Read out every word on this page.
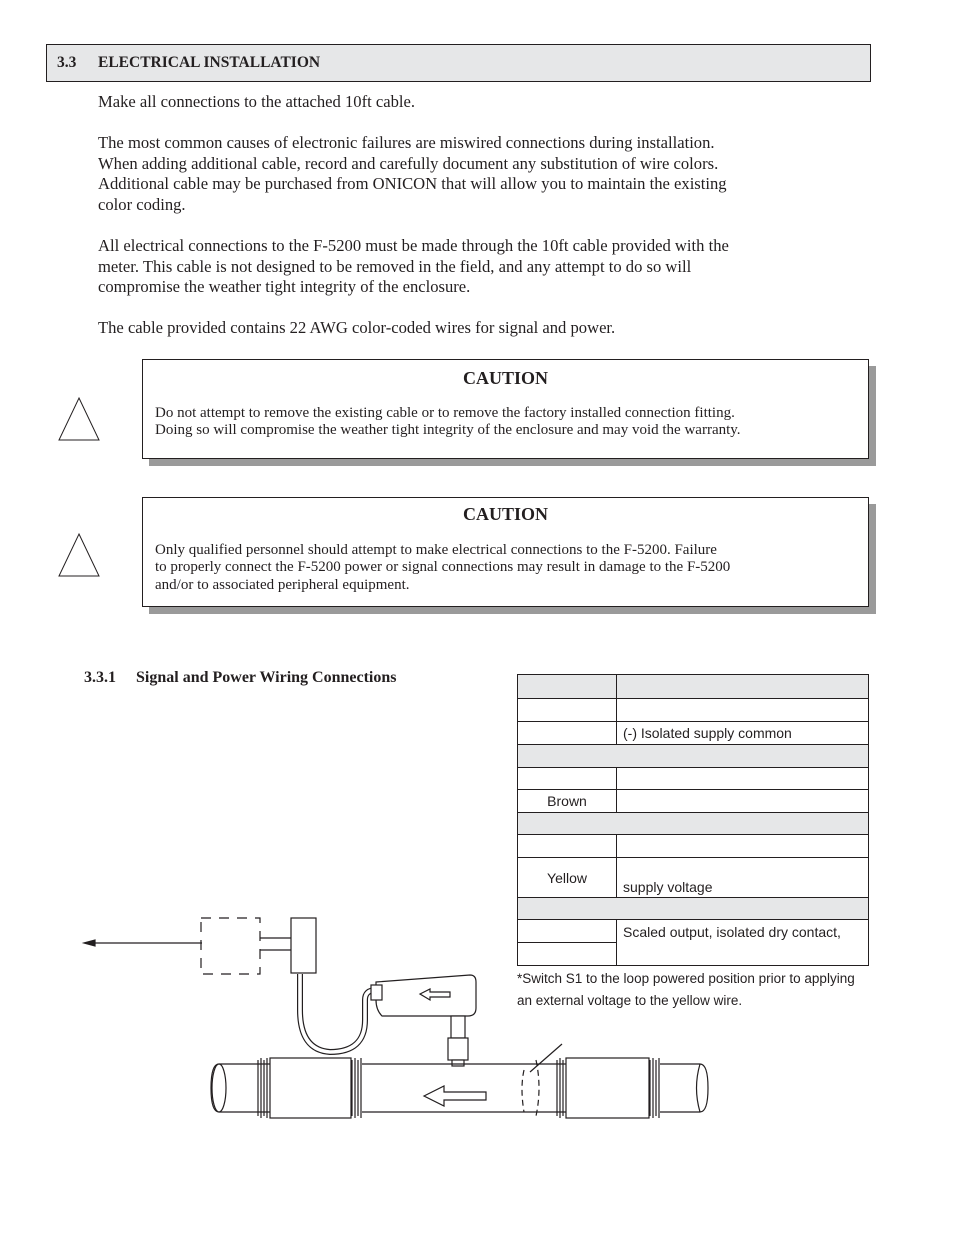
3.3 ELECTRICAL INSTALLATION

Make all connections to the attached 10ft cable.

The most common causes of electronic failures are miswired connections during installation.
When adding additional cable, record and carefully document any substitution of wire colors.
Additional cable may be purchased from ONICON that will allow you to maintain the existing
color coding.

All electrical connections to the F-5200 must be made through the 10ft cable provided with the
meter. This cable is not designed to be removed in the field, and any attempt to do so will
compromise the weather tight integrity of the enclosure.

The cable provided contains 22 AWG color-coded wires for signal and power.

CAUTION
Do not attempt to remove the existing cable or to remove the factory installed connection fitting.
Doing so will compromise the weather tight integrity of the enclosure and may void the warranty.
CAUTION
Only qualified personnel should attempt to make electrical connections to the F-5200. Failure
to properly connect the F-5200 power or signal connections may result in damage to the F-5200
and/or to associated peripheral equipment.
3.3.1 Signal and Power Wiring Connections

	(-) Isolated supply common

Brown	

Yellow	supply voltage

	Scaled output, isolated dry contact,

*Switch S1 to the loop powered position prior to applying
an external voltage to the yellow wire.
